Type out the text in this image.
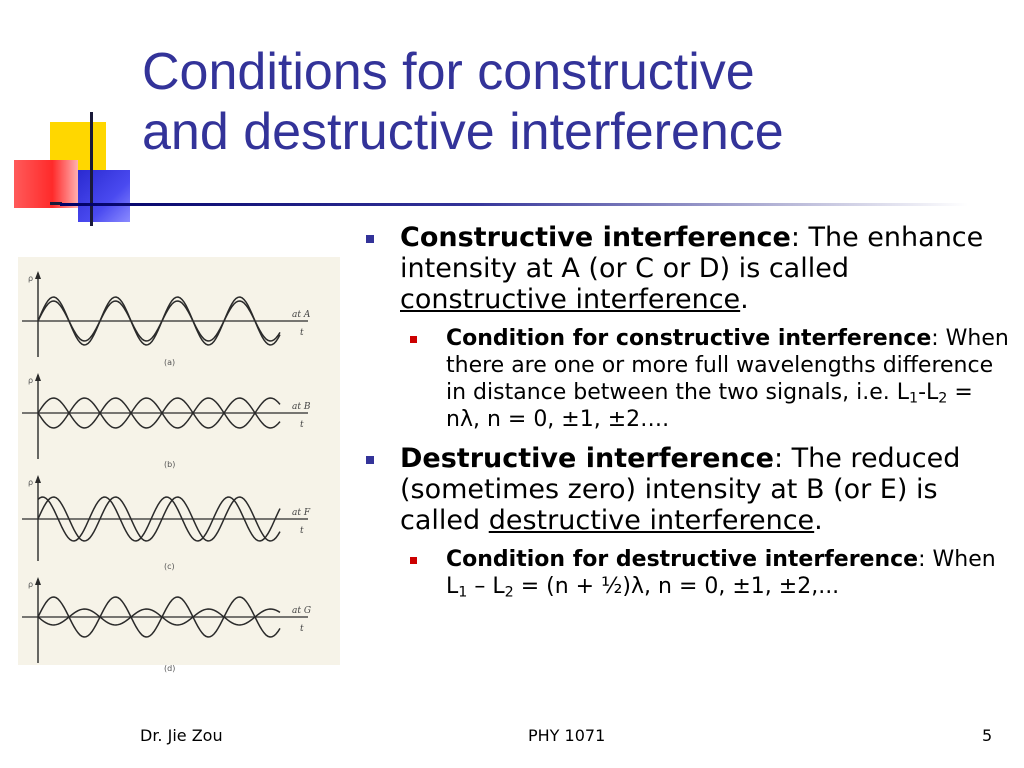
Conditions for constructive
and destructive interference
ρ
at A
t
(a)
ρ
at B
t
(b)
ρ
at F
t
(c)
ρ
at G
t
(d)
Constructive interference: The enhance intensity at A (or C or D) is called constructive interference.
Condition for constructive interference: When there are one or more full wavelengths difference in distance between the two signals, i.e. $L_1-L_2 = n\lambda$, n = 0, ±1, ±2….
Destructive interference: The reduced (sometimes zero) intensity at B (or E) is called destructive interference.
Condition for destructive interference: When $L_1 - L_2 = (n$ + ½)λ, n = 0, ±1, ±2,...
Dr. Jie Zou	PHY 1071	5
